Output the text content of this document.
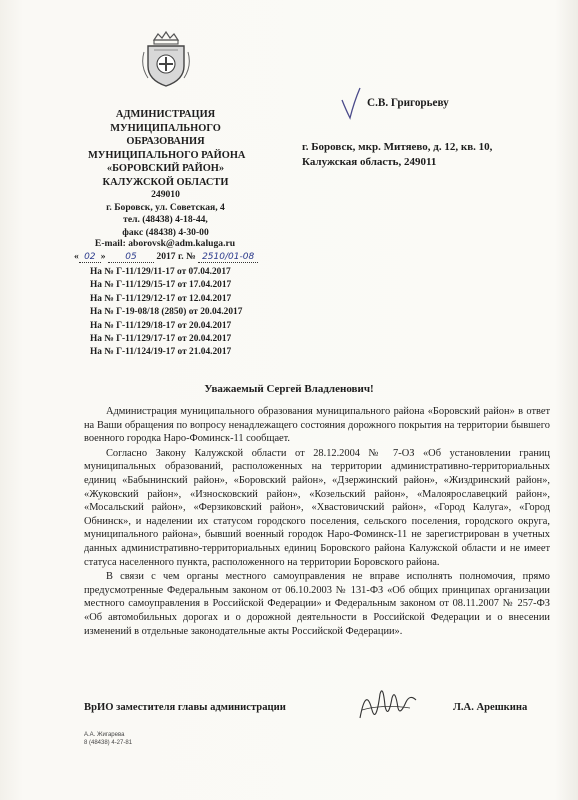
АДМИНИСТРАЦИЯ
МУНИЦИПАЛЬНОГО
ОБРАЗОВАНИЯ
МУНИЦИПАЛЬНОГО РАЙОНА
«БОРОВСКИЙ РАЙОН»
КАЛУЖСКОЙ ОБЛАСТИ
249010
г. Боровск, ул. Советская, 4
тел. (48438) 4-18-44,
факс (48438) 4-30-00
E-mail: aborovsk@adm.kaluga.ru
« 02 » 05 2017 г. № 2510/01-08
На № Г-11/129/11-17 от 07.04.2017
На № Г-11/129/15-17 от 17.04.2017
На № Г-11/129/12-17 от 12.04.2017
На № Г-19-08/18 (2850) от 20.04.2017
На № Г-11/129/18-17 от 20.04.2017
На № Г-11/129/17-17 от 20.04.2017
На № Г-11/124/19-17 от 21.04.2017
С.В. Григорьеву
г. Боровск, мкр. Митяево, д. 12, кв. 10,
Калужская область, 249011
Уважаемый Сергей Владленович!

Администрация муниципального образования муниципального района «Боровский район» в ответ на Ваши обращения по вопросу ненадлежащего состояния дорожного покрытия на территории бывшего военного городка Наро-Фоминск-11 сообщает.

Согласно Закону Калужской области от 28.12.2004 № 7-ОЗ «Об установлении границ муниципальных образований, расположенных на территории административно-территориальных единиц «Бабынинский район», «Боровский район», «Дзержинский район», «Жиздринский район», «Жуковский район», «Износковский район», «Козельский район», «Малоярославецкий район», «Мосальский район», «Ферзиковский район», «Хвастовичский район», «Город Калуга», «Город Обнинск», и наделении их статусом городского поселения, сельского поселения, городского округа, муниципального района», бывший военный городок Наро-Фоминск-11 не зарегистрирован в учетных данных административно-территориальных единиц Боровского района Калужской области и не имеет статуса населенного пункта, расположенного на территории Боровского района.

В связи с чем органы местного самоуправления не вправе исполнять полномочия, прямо предусмотренные Федеральным законом от 06.10.2003 № 131-ФЗ «Об общих принципах организации местного самоуправления в Российской Федерации» и Федеральным законом от 08.11.2007 № 257-ФЗ «Об автомобильных дорогах и о дорожной деятельности в Российской Федерации и о внесении изменений в отдельные законодательные акты Российской Федерации».

ВрИО заместителя главы администрации	Л.А. Арешкина
А.А. Жигарева
8 (48438) 4-27-81
